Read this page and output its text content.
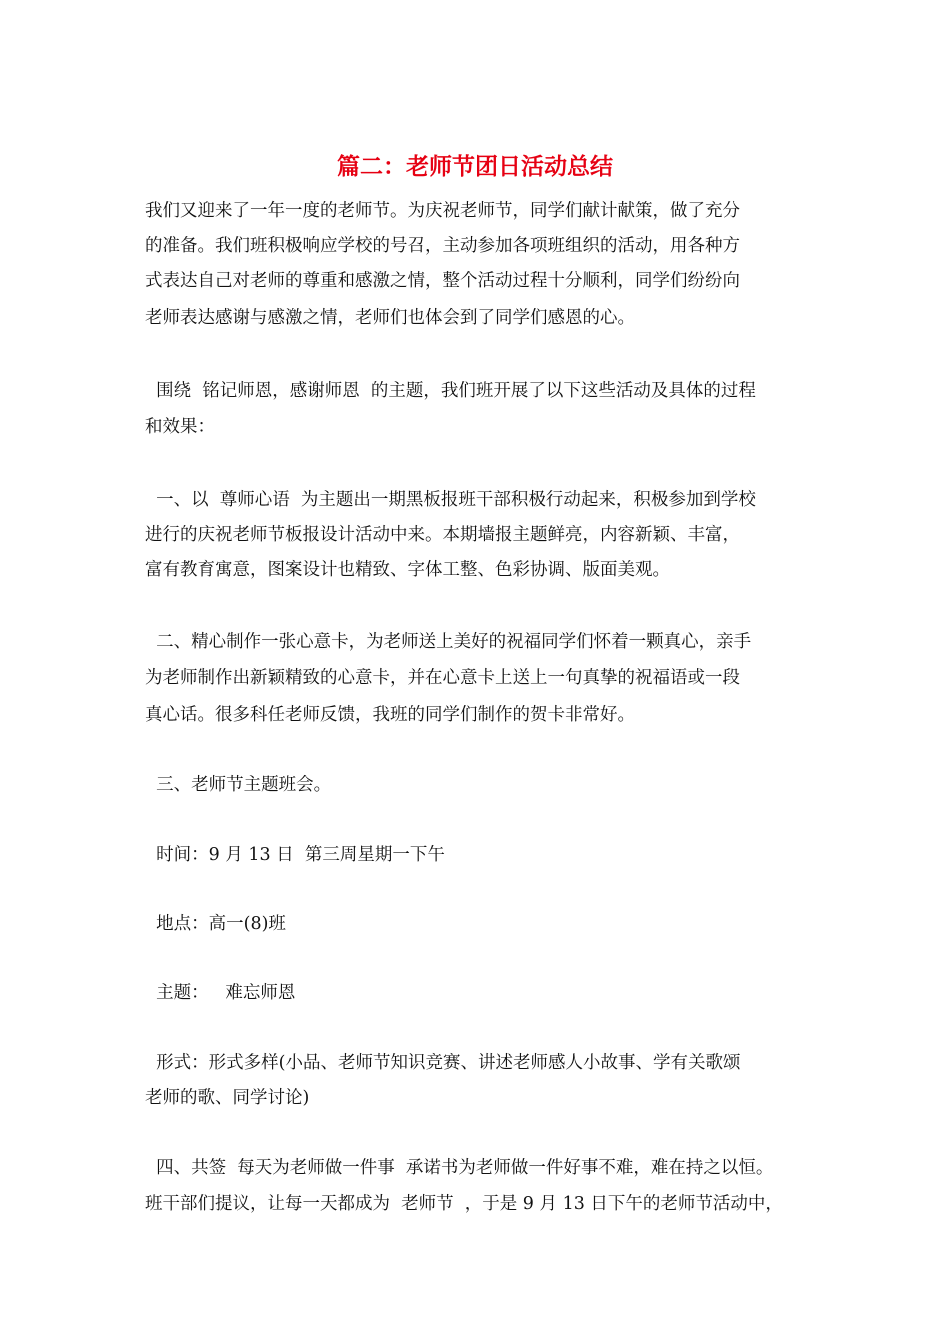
篇二：老师节团日活动总结

我们又迎来了一年一度的老师节。为庆祝老师节，同学们献计献策，做了充分

的准备。我们班积极响应学校的号召，主动参加各项班组织的活动，用各种方

式表达自己对老师的尊重和感激之情，整个活动过程十分顺利，同学们纷纷向

老师表达感谢与感激之情，老师们也体会到了同学们感恩的心。

围绕  铭记师恩，感谢师恩  的主题，我们班开展了以下这些活动及具体的过程

和效果：

一、以  尊师心语  为主题出一期黑板报班干部积极行动起来，积极参加到学校

进行的庆祝老师节板报设计活动中来。本期墙报主题鲜亮，内容新颖、丰富，

富有教育寓意，图案设计也精致、字体工整、色彩协调、版面美观。

二、精心制作一张心意卡，为老师送上美好的祝福同学们怀着一颗真心，亲手

为老师制作出新颖精致的心意卡，并在心意卡上送上一句真挚的祝福语或一段

真心话。很多科任老师反馈，我班的同学们制作的贺卡非常好。

三、老师节主题班会。

时间：9 月 13 日  第三周星期一下午

地点：高一(8)班

主题：   难忘师恩

形式：形式多样(小品、老师节知识竞赛、讲述老师感人小故事、学有关歌颂

老师的歌、同学讨论)

四、共签  每天为老师做一件事  承诺书为老师做一件好事不难，难在持之以恒。

班干部们提议，让每一天都成为  老师节  ，于是 9 月 13 日下午的老师节活动中，
